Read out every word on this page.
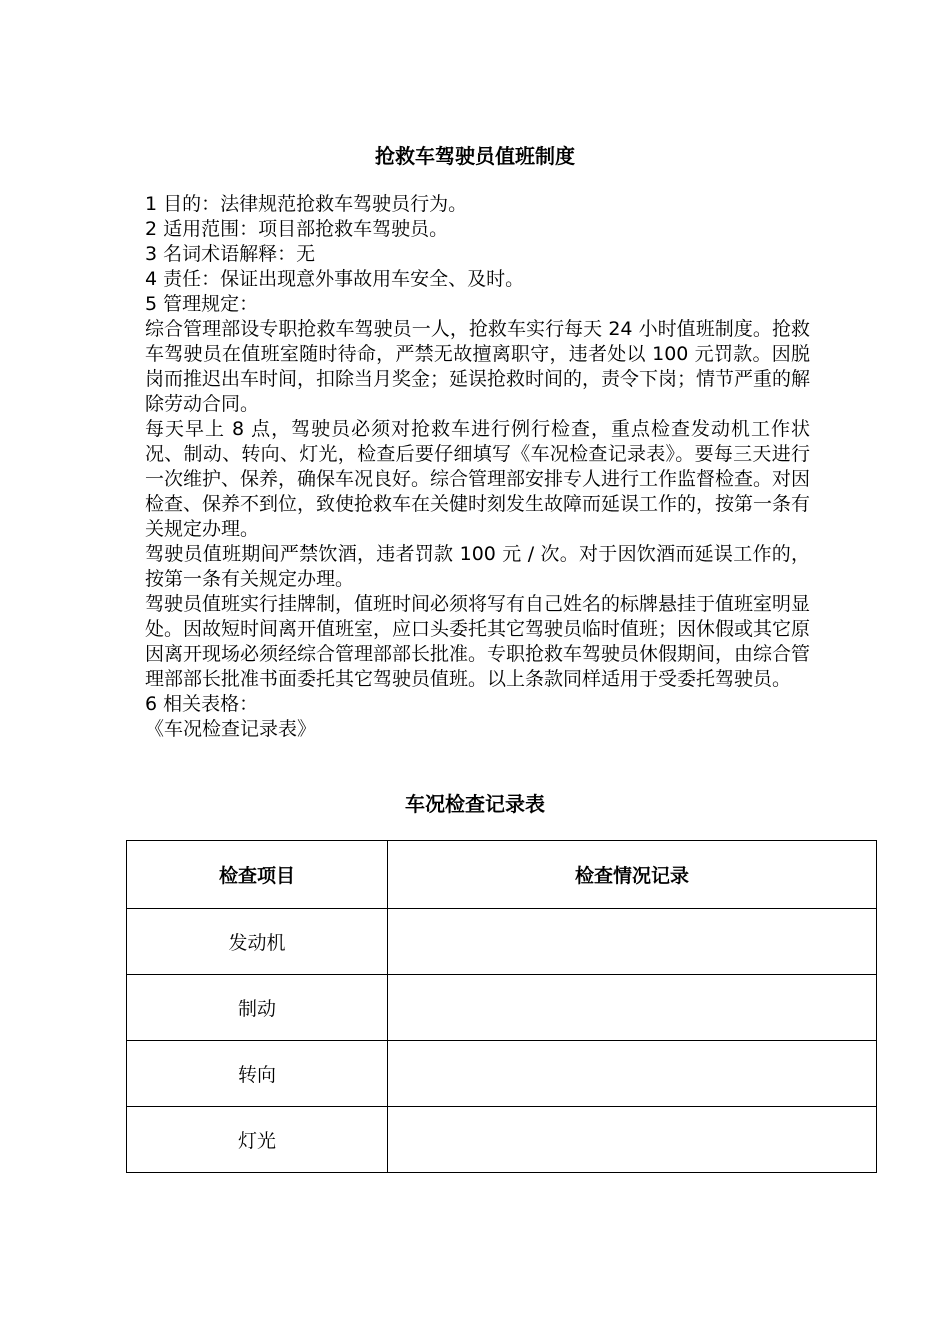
抢救车驾驶员值班制度

1 目的：法律规范抢救车驾驶员行为。

2 适用范围：项目部抢救车驾驶员。

3 名词术语解释：无

4 责任：保证出现意外事故用车安全、及时。

5 管理规定：

综合管理部设专职抢救车驾驶员一人，抢救车实行每天 24 小时值班制度。抢救车驾驶员在值班室随时待命，严禁无故擅离职守，违者处以 100 元罚款。因脱岗而推迟出车时间，扣除当月奖金；延误抢救时间的，责令下岗；情节严重的解除劳动合同。

每天早上 8 点，驾驶员必须对抢救车进行例行检查，重点检查发动机工作状况、制动、转向、灯光，检查后要仔细填写《车况检查记录表》。要每三天进行一次维护、保养，确保车况良好。综合管理部安排专人进行工作监督检查。对因检查、保养不到位，致使抢救车在关健时刻发生故障而延误工作的，按第一条有关规定办理。

驾驶员值班期间严禁饮酒，违者罚款 100 元 / 次。对于因饮酒而延误工作的，按第一条有关规定办理。

驾驶员值班实行挂牌制，值班时间必须将写有自己姓名的标牌悬挂于值班室明显处。因故短时间离开值班室，应口头委托其它驾驶员临时值班；因休假或其它原因离开现场必须经综合管理部部长批准。专职抢救车驾驶员休假期间，由综合管理部部长批准书面委托其它驾驶员值班。以上条款同样适用于受委托驾驶员。

6 相关表格：

《车况检查记录表》

车况检查记录表
检查项目	检查情况记录
发动机	
制动	
转向	
灯光	
